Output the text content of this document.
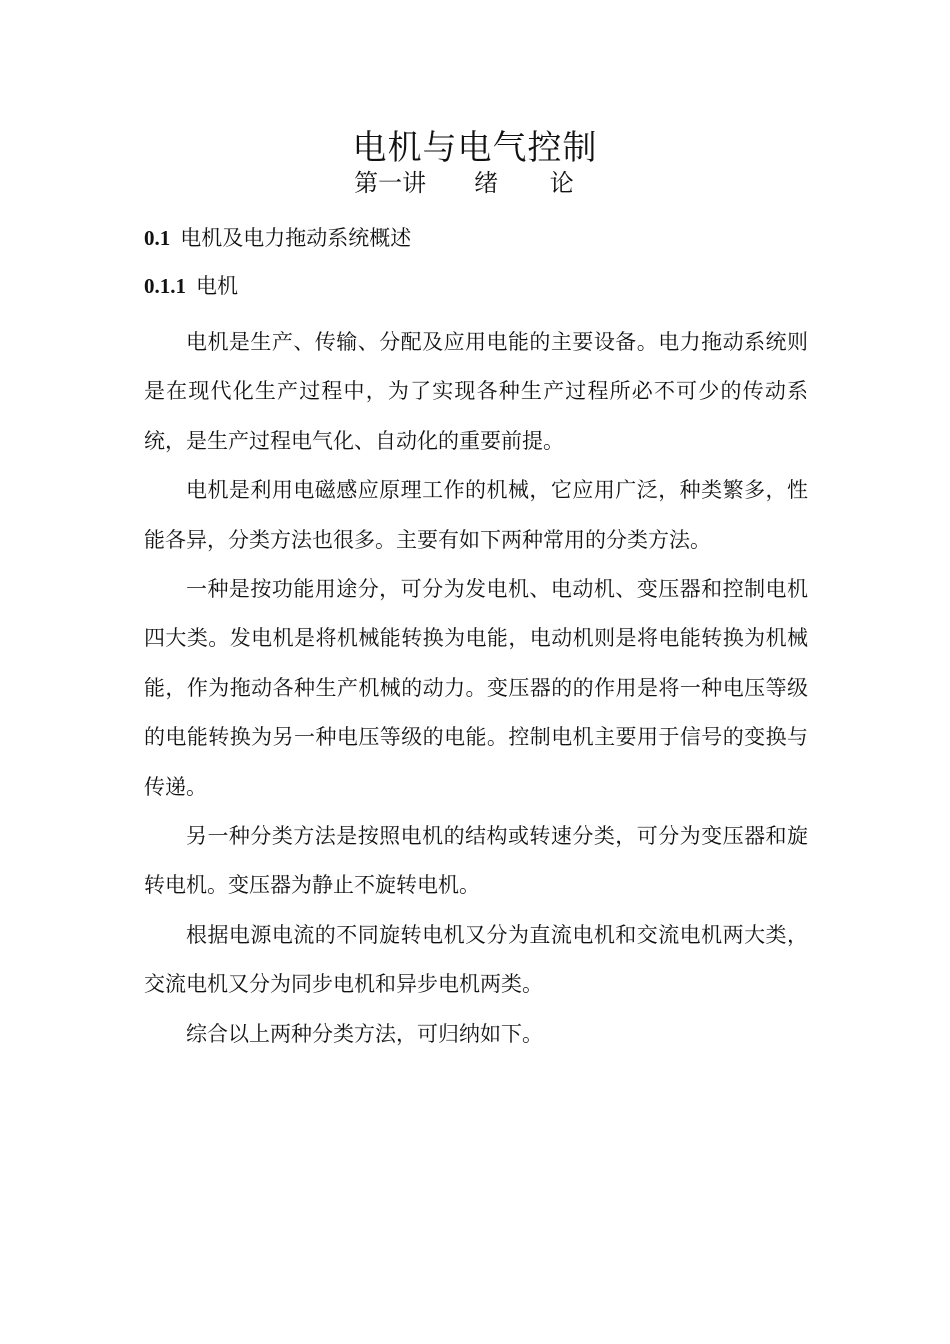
电机与电气控制
第一讲 绪 论
0.1 电机及电力拖动系统概述
0.1.1 电机

电机是生产、传输、分配及应用电能的主要设备。电力拖动系统则是在现代化生产过程中，为了实现各种生产过程所必不可少的传动系统，是生产过程电气化、自动化的重要前提。

电机是利用电磁感应原理工作的机械，它应用广泛，种类繁多，性能各异，分类方法也很多。主要有如下两种常用的分类方法。

一种是按功能用途分，可分为发电机、电动机、变压器和控制电机四大类。发电机是将机械能转换为电能，电动机则是将电能转换为机械能，作为拖动各种生产机械的动力。变压器的的作用是将一种电压等级的电能转换为另一种电压等级的电能。控制电机主要用于信号的变换与传递。

另一种分类方法是按照电机的结构或转速分类，可分为变压器和旋转电机。变压器为静止不旋转电机。

根据电源电流的不同旋转电机又分为直流电机和交流电机两大类，交流电机又分为同步电机和异步电机两类。

综合以上两种分类方法，可归纳如下。
